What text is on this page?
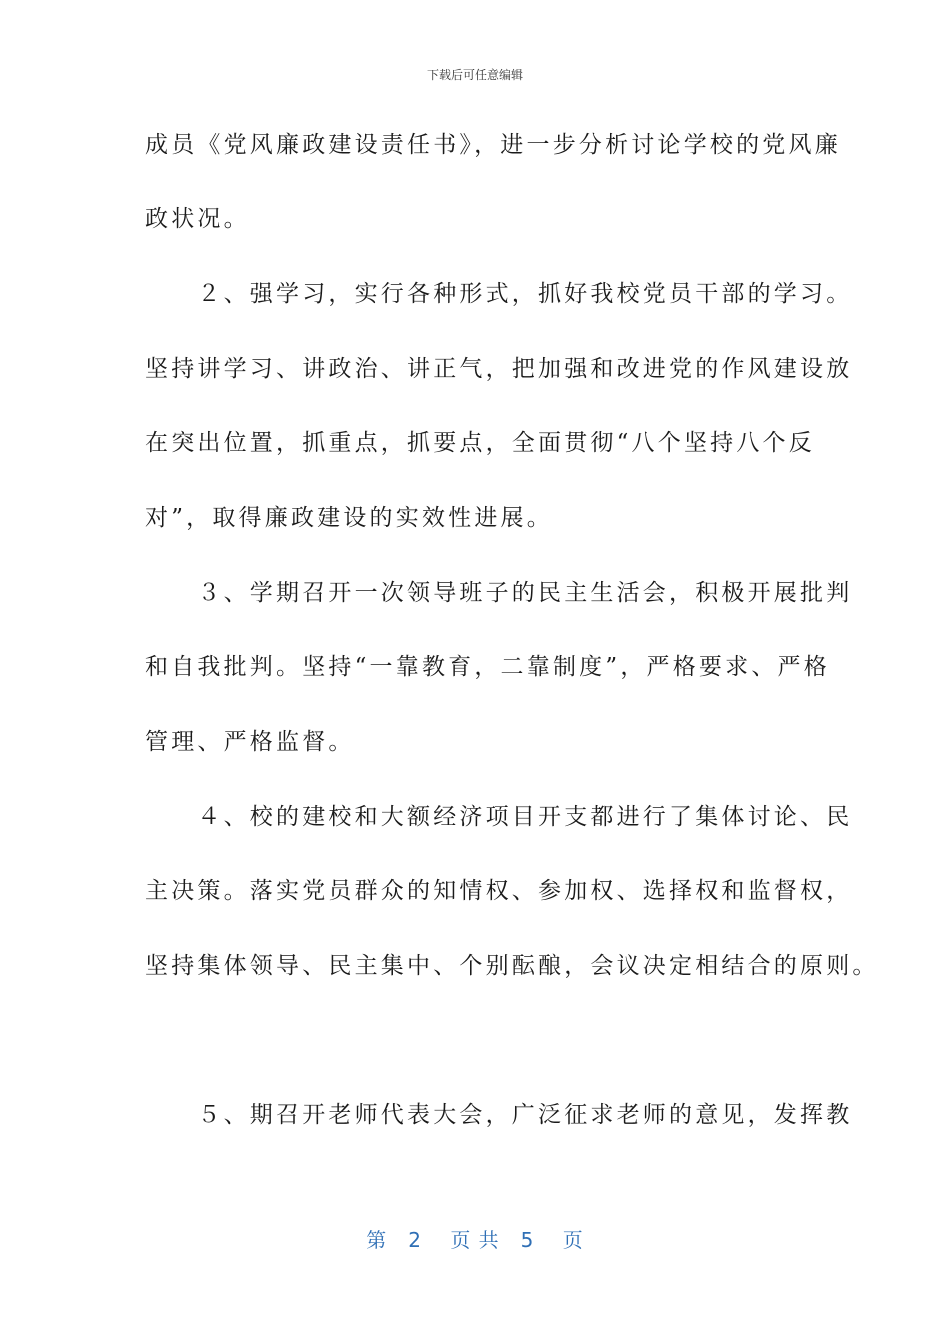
下载后可任意编辑
成员《党风廉政建设责任书》，进一步分析讨论学校的党风廉
政状况。
　　２、强学习，实行各种形式，抓好我校党员干部的学习。
坚持讲学习、讲政治、讲正气，把加强和改进党的作风建设放
在突出位置，抓重点，抓要点，全面贯彻“八个坚持八个反
对”，取得廉政建设的实效性进展。
　　３、学期召开一次领导班子的民主生活会，积极开展批判
和自我批判。坚持“一靠教育，二靠制度”，严格要求、严格
管理、严格监督。
　　４、校的建校和大额经济项目开支都进行了集体讨论、民
主决策。落实党员群众的知情权、参加权、选择权和监督权，
坚持集体领导、民主集中、个别酝酿，会议决定相结合的原则。
　　５、期召开老师代表大会，广泛征求老师的意见，发挥教
第　2　 页 共　5　 页
